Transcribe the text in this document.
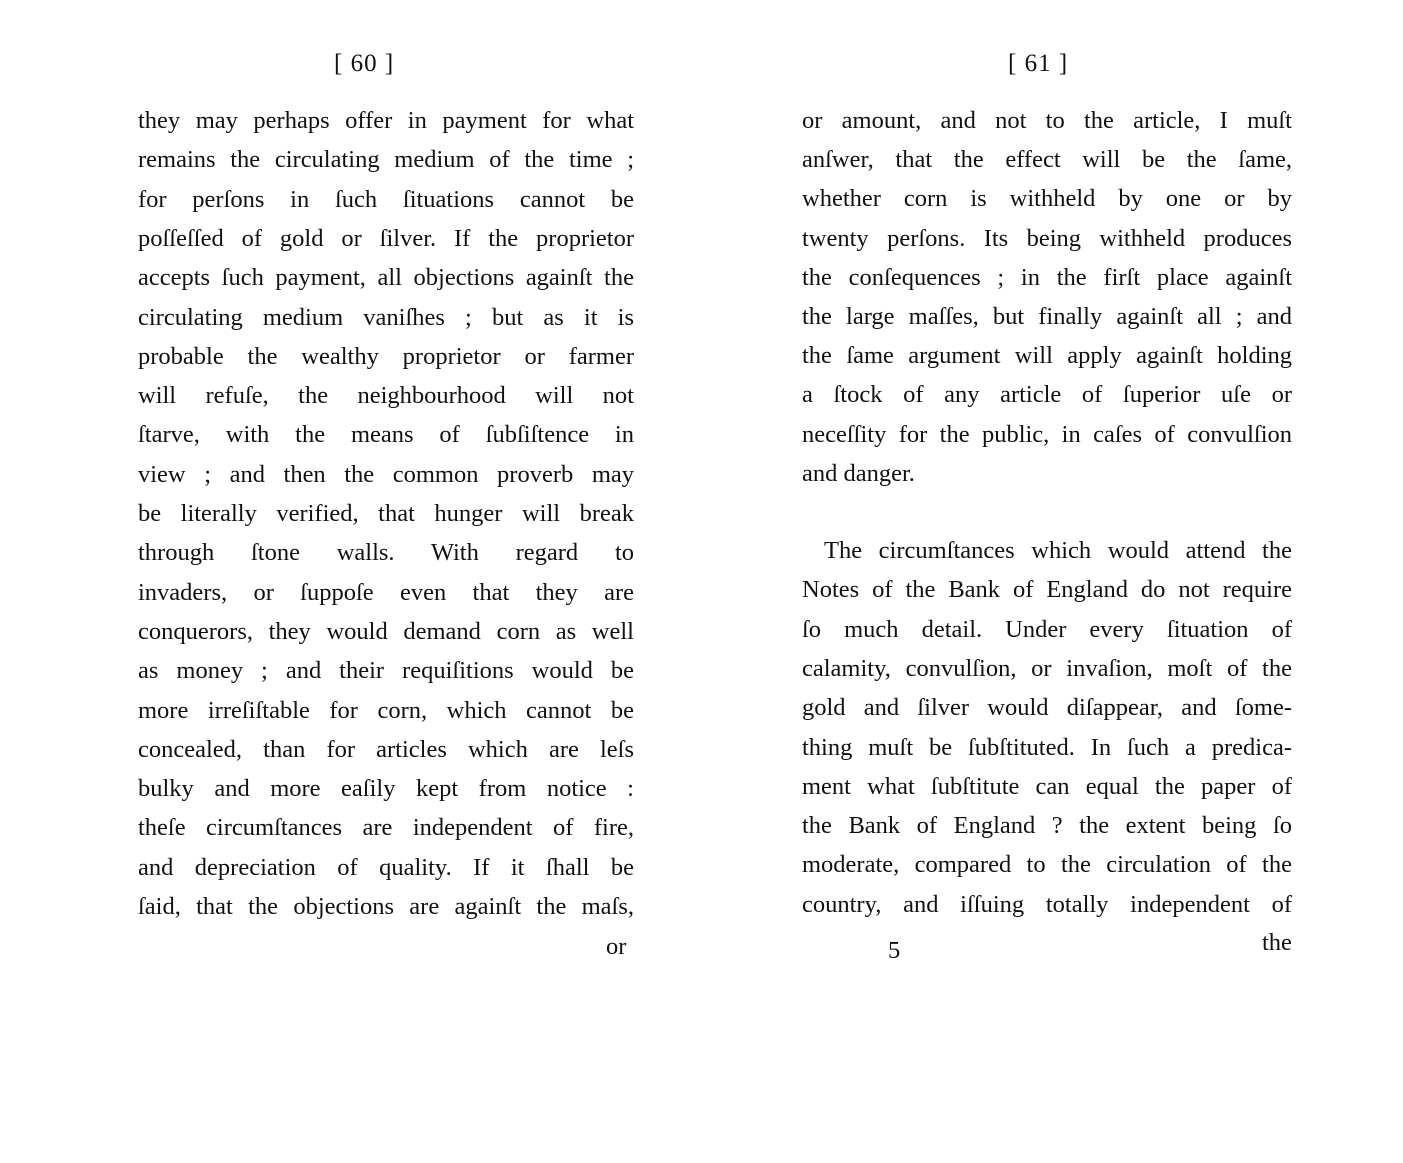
[ 60 ]
they may perhaps offer in payment for what
remains the circulating medium of the time ;
for perſons in ſuch ſituations cannot be
poſſeſſed of gold or ſilver. If the proprietor
accepts ſuch payment, all objections againſt the
circulating medium vaniſhes ; but as it is
probable the wealthy proprietor or farmer
will refuſe, the neighbourhood will not
ſtarve, with the means of ſubſiſtence in
view ; and then the common proverb may
be literally verified, that hunger will break
through ſtone walls. With regard to
invaders, or ſuppoſe even that they are
conquerors, they would demand corn as well
as money ; and their requiſitions would be
more irreſiſtable for corn, which cannot be
concealed, than for articles which are leſs
bulky and more eaſily kept from notice :
theſe circumſtances are independent of fire,
and depreciation of quality. If it ſhall be
ſaid, that the objections are againſt the maſs,
or
[ 61 ]
or amount, and not to the article, I muſt
anſwer, that the effect will be the ſame,
whether corn is withheld by one or by
twenty perſons. Its being withheld produces
the conſequences ; in the firſt place againſt
the large maſſes, but finally againſt all ; and
the ſame argument will apply againſt holding
a ſtock of any article of ſuperior uſe or
neceſſity for the public, in caſes of convulſion
and danger.
The circumſtances which would attend the
Notes of the Bank of England do not require
ſo much detail. Under every ſituation of
calamity, convulſion, or invaſion, moſt of the
gold and ſilver would diſappear, and ſome-
thing muſt be ſubſtituted. In ſuch a predica-
ment what ſubſtitute can equal the paper of
the Bank of England ? the extent being ſo
moderate, compared to the circulation of the
country, and iſſuing totally independent of
5	the
